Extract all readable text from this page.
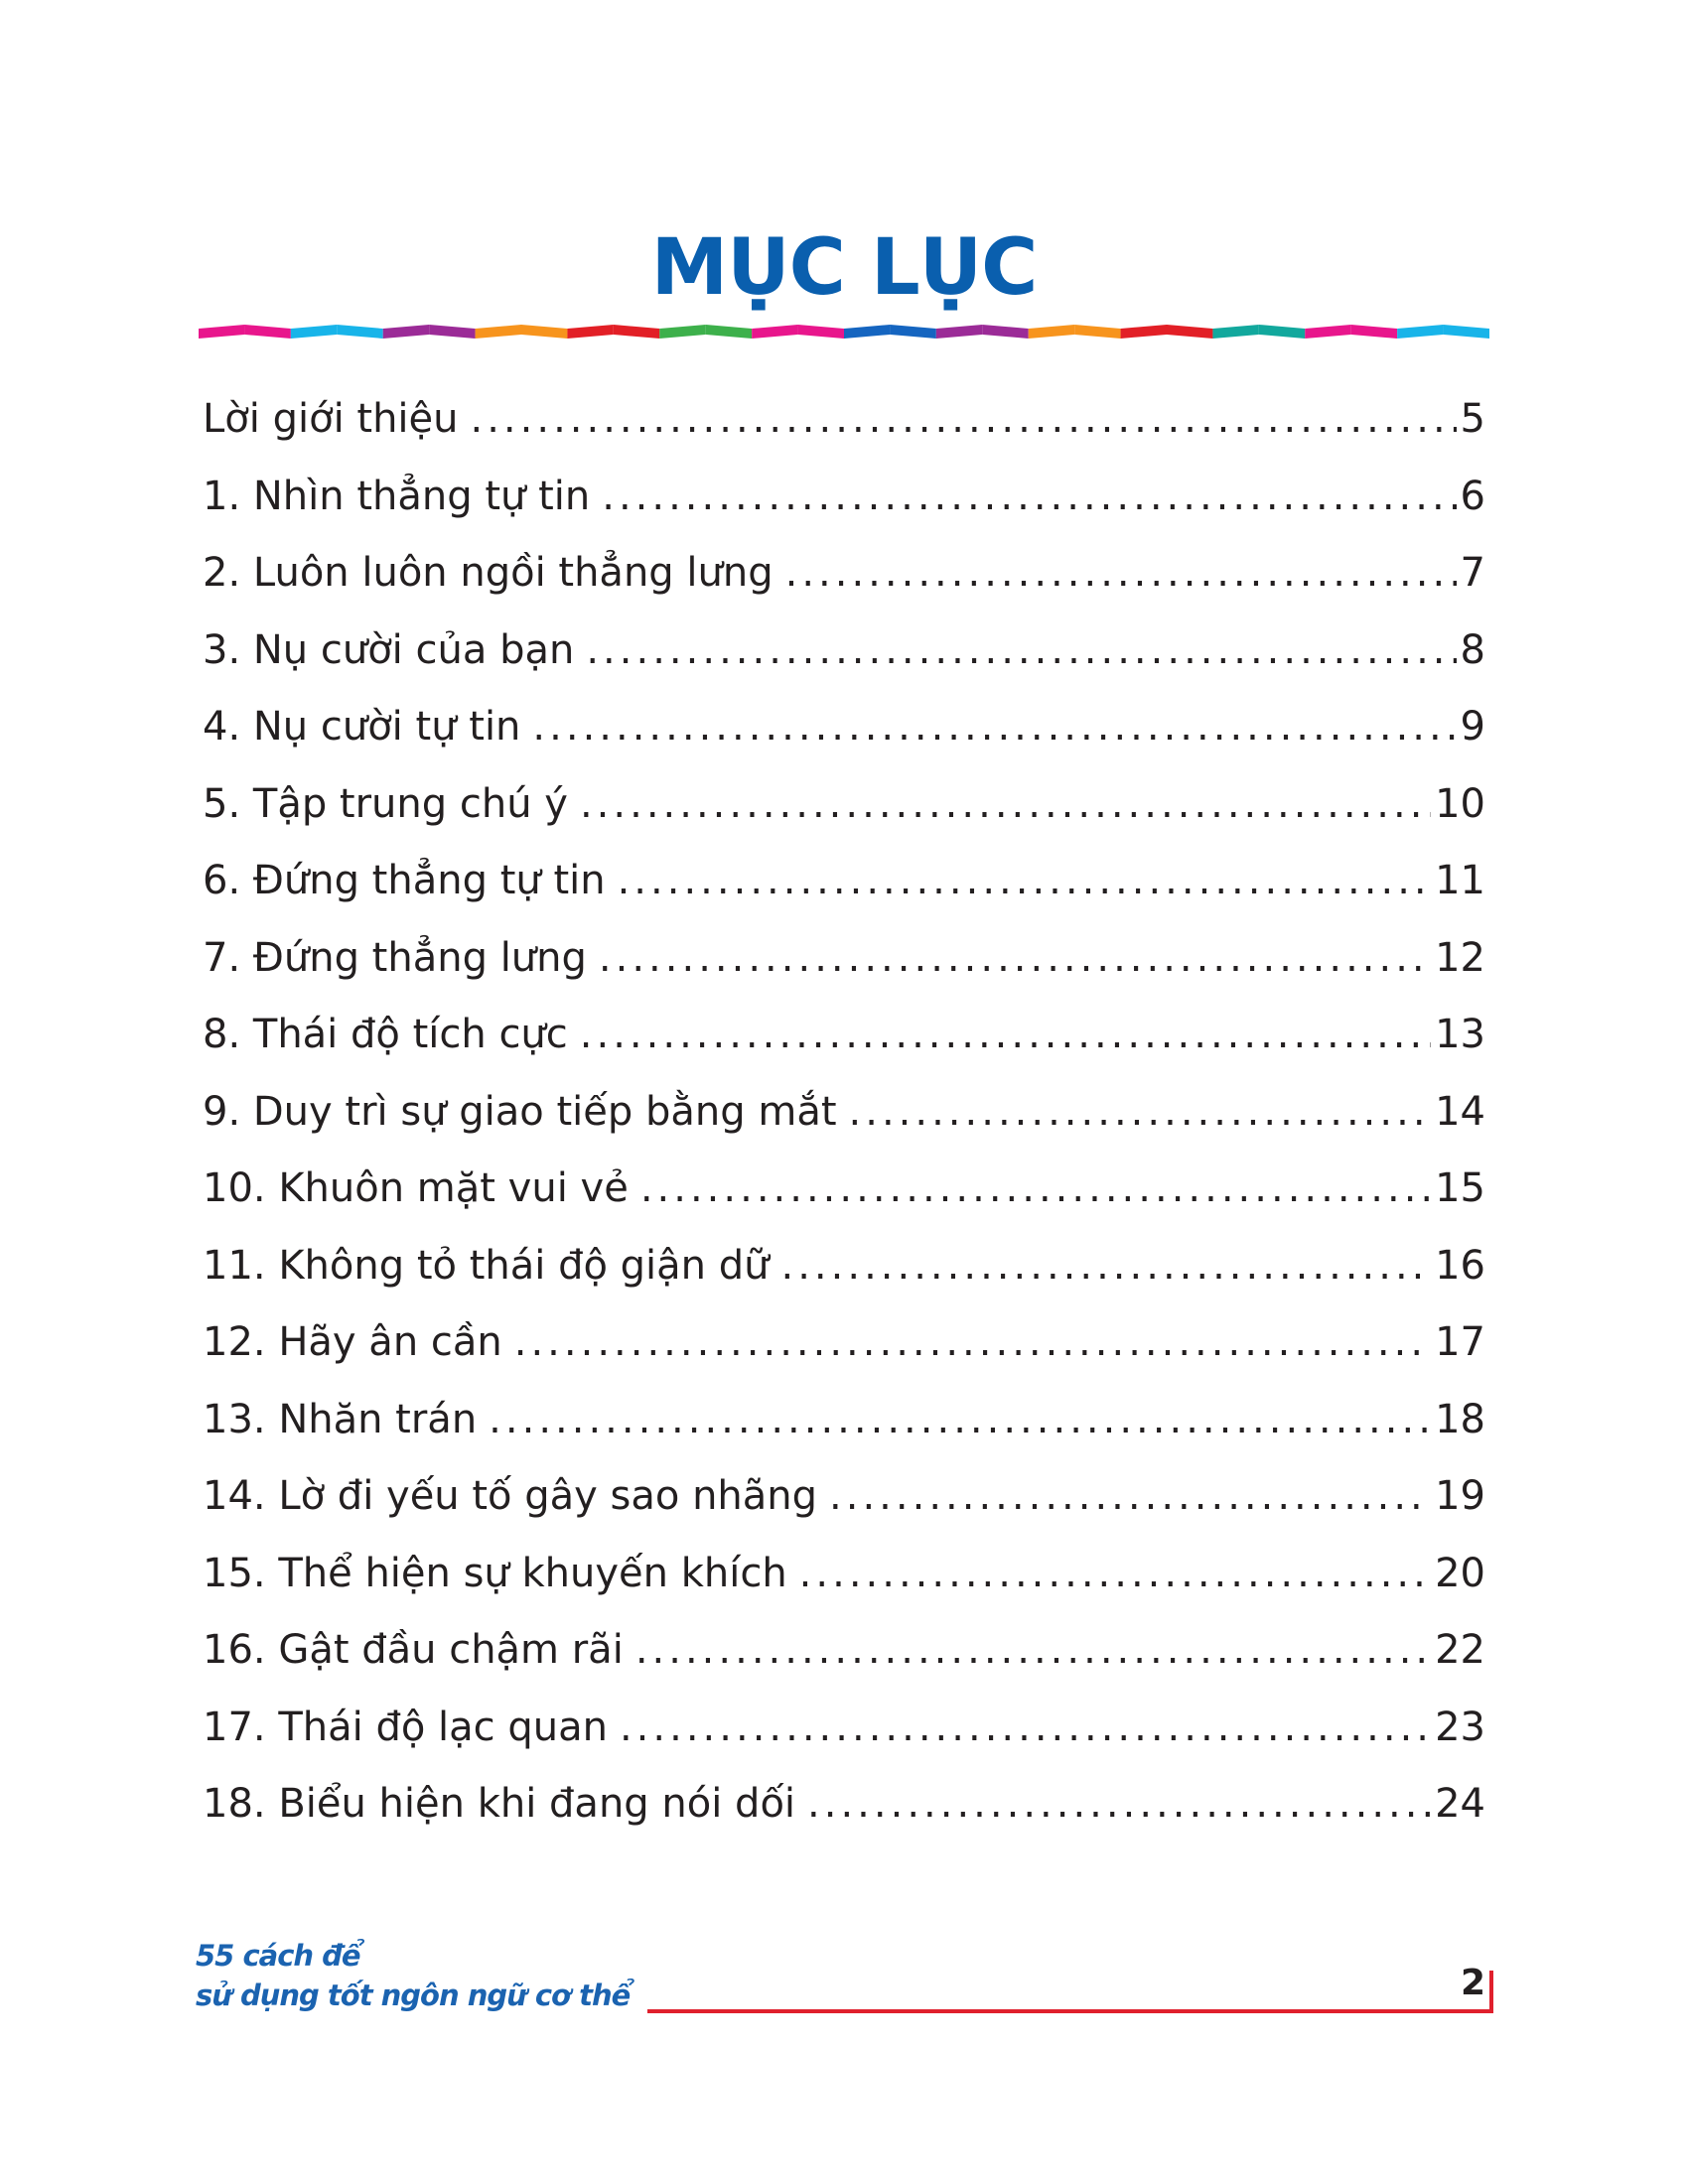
MỤC LỤC
Lời giới thiệu .....	5
1. Nhìn thẳng tự tin .....	6
2. Luôn luôn ngồi thẳng lưng .....	7
3. Nụ cười của bạn .....	8
4. Nụ cười tự tin .....	9
5. Tập trung chú ý .....	10
6. Đứng thẳng tự tin .....	11
7. Đứng thẳng lưng .....	12
8. Thái độ tích cực .....	13
9. Duy trì sự giao tiếp bằng mắt .....	14
10. Khuôn mặt vui vẻ .....	15
11. Không tỏ thái độ giận dữ .....	16
12. Hãy ân cần .....	17
13. Nhăn trán .....	18
14. Lờ đi yếu tố gây sao nhãng .....	19
15. Thể hiện sự khuyến khích .....	20
16. Gật đầu chậm rãi .....	22
17. Thái độ lạc quan .....	23
18. Biểu hiện khi đang nói dối .....	24
55 cách để
sử dụng tốt ngôn ngữ cơ thể	2
